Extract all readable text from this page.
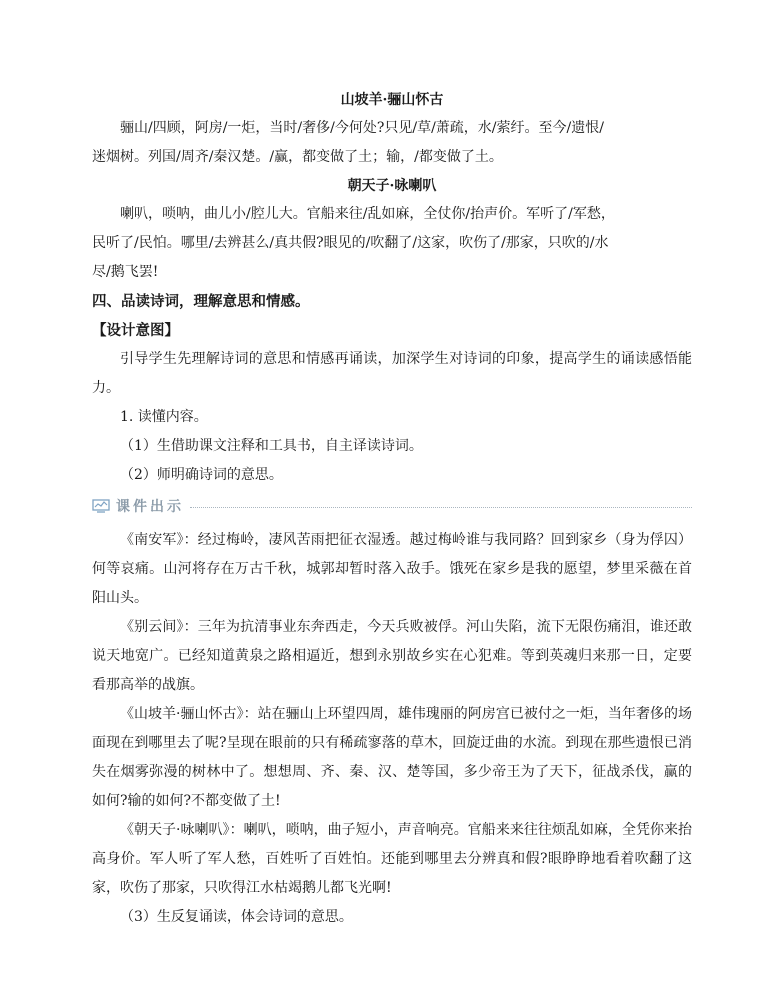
山坡羊·骊山怀古

骊山/四顾，阿房/一炬，当时/奢侈/今何处?只见/草/萧疏，水/萦纡。至今/遗恨/

迷烟树。列国/周齐/秦汉楚。/赢，都变做了土；输，/都变做了土。

朝天子·咏喇叭

喇叭，唢呐，曲儿小/腔儿大。官船来往/乱如麻，全仗你/抬声价。军听了/军愁，

民听了/民怕。哪里/去辨甚么/真共假?眼见的/吹翻了/这家，吹伤了/那家，只吹的/水

尽/鹅飞罢!

四、品读诗词，理解意思和情感。

【设计意图】

引导学生先理解诗词的意思和情感再诵读，加深学生对诗词的印象，提高学生的诵读感悟能力。

1. 读懂内容。

（1）生借助课文注释和工具书，自主译读诗词。

（2）师明确诗词的意思。

课件出示

《南安军》：经过梅岭，凄风苦雨把征衣湿透。越过梅岭谁与我同路？回到家乡（身为俘囚）何等哀痛。山河将存在万古千秋，城郭却暂时落入敌手。饿死在家乡是我的愿望，梦里采薇在首阳山头。

《别云间》：三年为抗清事业东奔西走，今天兵败被俘。河山失陷，流下无限伤痛泪，谁还敢说天地宽广。已经知道黄泉之路相逼近，想到永别故乡实在心犯难。等到英魂归来那一日，定要看那高举的战旗。

《山坡羊·骊山怀古》：站在骊山上环望四周，雄伟瑰丽的阿房宫已被付之一炬，当年奢侈的场面现在到哪里去了呢?呈现在眼前的只有稀疏寥落的草木，回旋迂曲的水流。到现在那些遗恨已消失在烟雾弥漫的树林中了。想想周、齐、秦、汉、楚等国，多少帝王为了天下，征战杀伐，赢的如何?输的如何?不都变做了土!

《朝天子·咏喇叭》：喇叭，唢呐，曲子短小，声音响亮。官船来来往往烦乱如麻，全凭你来抬高身价。军人听了军人愁，百姓听了百姓怕。还能到哪里去分辨真和假?眼睁睁地看着吹翻了这家，吹伤了那家，只吹得江水枯竭鹅儿都飞光啊!

（3）生反复诵读，体会诗词的意思。
